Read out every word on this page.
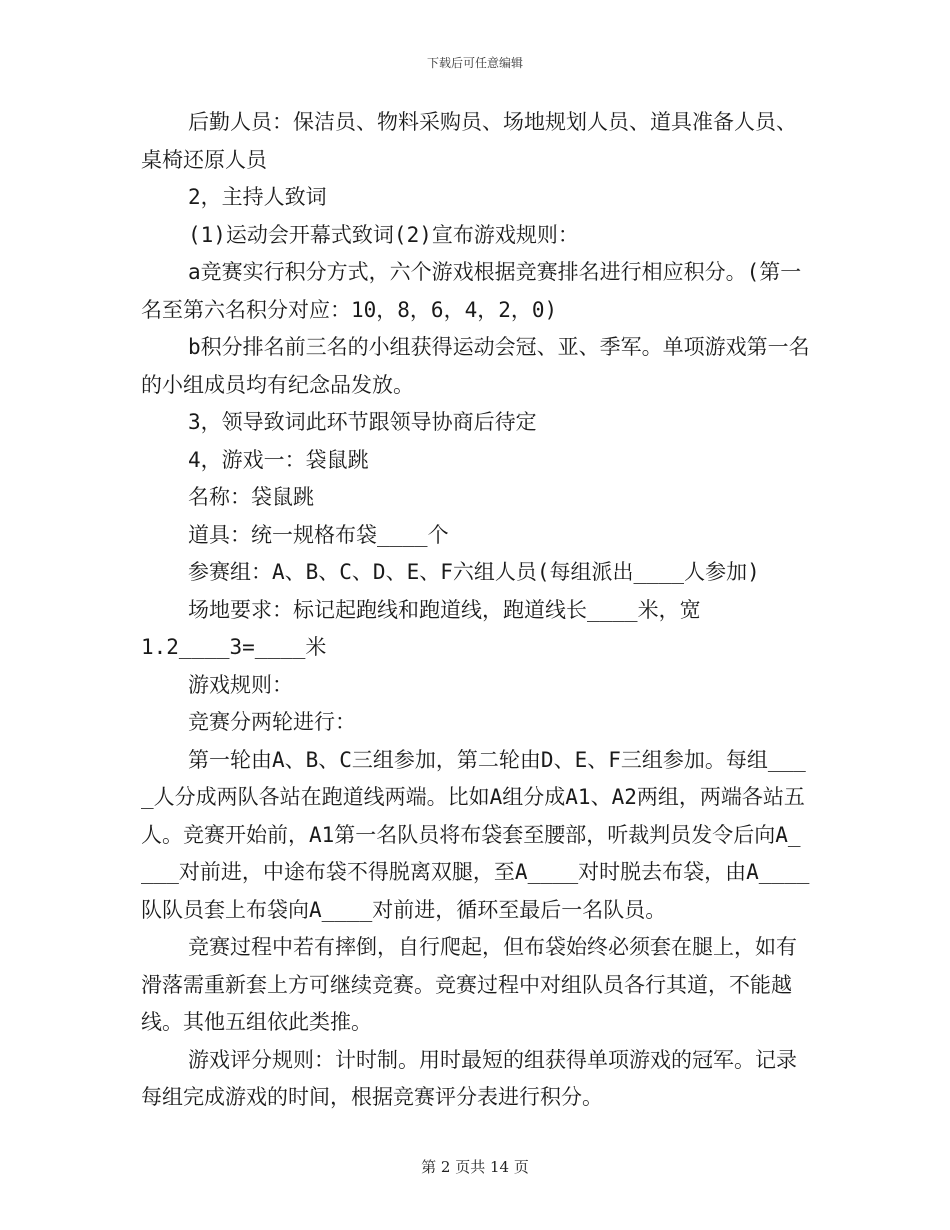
下载后可任意编辑

后勤人员：保洁员、物料采购员、场地规划人员、道具准备人员、桌椅还原人员

2，主持人致词

(1)运动会开幕式致词(2)宣布游戏规则：

a竞赛实行积分方式，六个游戏根据竞赛排名进行相应积分。(第一名至第六名积分对应：10，8，6，4，2，0)

b积分排名前三名的小组获得运动会冠、亚、季军。单项游戏第一名的小组成员均有纪念品发放。

3，领导致词此环节跟领导协商后待定

4，游戏一：袋鼠跳

名称：袋鼠跳

道具：统一规格布袋____个

参赛组：A、B、C、D、E、F六组人员(每组派出____人参加)

场地要求：标记起跑线和跑道线，跑道线长____米，宽

1.2____3=____米

游戏规则：

竞赛分两轮进行：

第一轮由A、B、C三组参加，第二轮由D、E、F三组参加。每组____人分成两队各站在跑道线两端。比如A组分成A1、A2两组，两端各站五人。竞赛开始前，A1第一名队员将布袋套至腰部，听裁判员发令后向A____对前进，中途布袋不得脱离双腿，至A____对时脱去布袋，由A____队队员套上布袋向A____对前进，循环至最后一名队员。

竞赛过程中若有摔倒，自行爬起，但布袋始终必须套在腿上，如有滑落需重新套上方可继续竞赛。竞赛过程中对组队员各行其道，不能越线。其他五组依此类推。

游戏评分规则：计时制。用时最短的组获得单项游戏的冠军。记录每组完成游戏的时间，根据竞赛评分表进行积分。

第 2 页共 14 页
